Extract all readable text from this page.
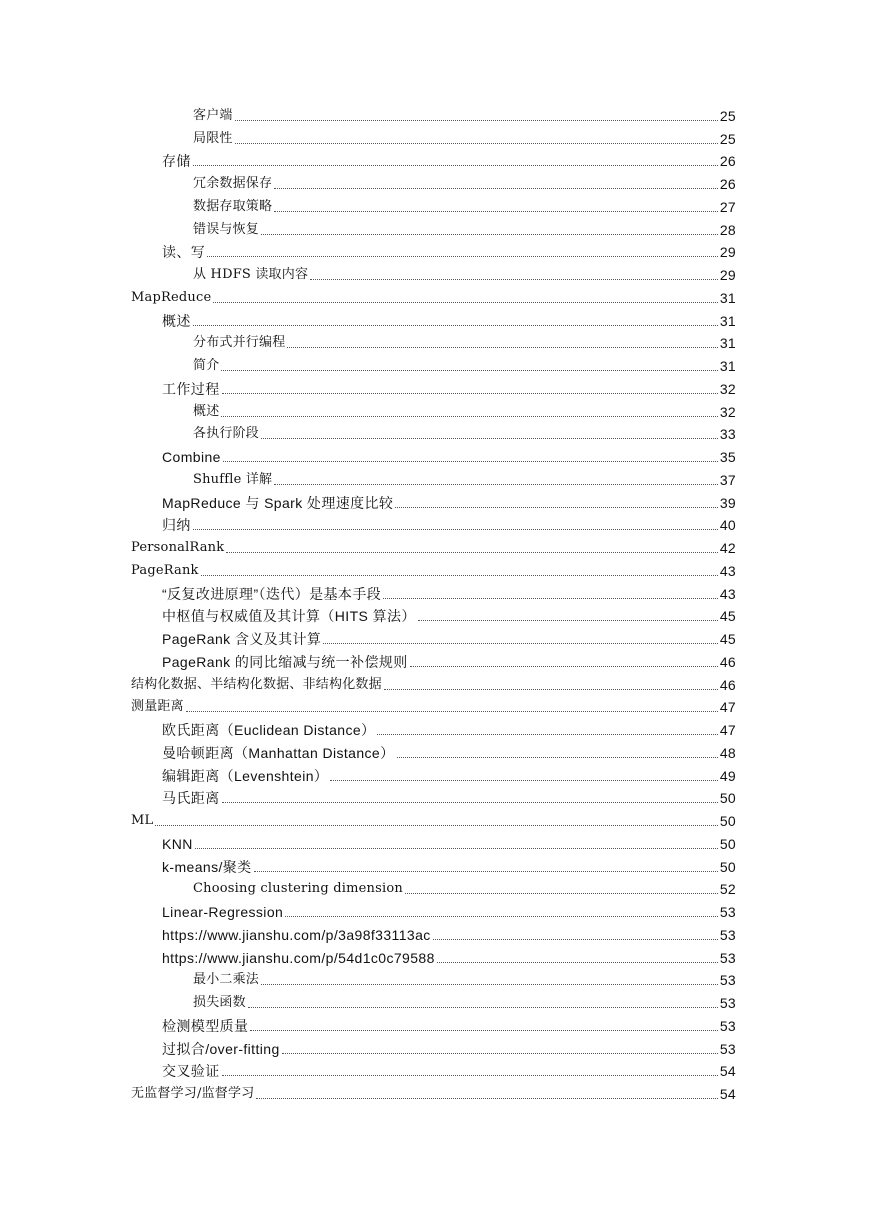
客户端	25
局限性	25
存储	26
冗余数据保存	26
数据存取策略	27
错误与恢复	28
读、写	29
从 HDFS 读取内容	29
MapReduce	31
概述	31
分布式并行编程	31
简介	31
工作过程	32
概述	32
各执行阶段	33
Combine	35
Shuffle 详解	37
MapReduce 与 Spark 处理速度比较	39
归纳	40
PersonalRank	42
PageRank	43
“反复改进原理”（迭代）是基本手段	43
中枢值与权威值及其计算（HITS 算法）	45
PageRank 含义及其计算	45
PageRank 的同比缩减与统一补偿规则	46
结构化数据、半结构化数据、非结构化数据	46
测量距离	47
欧氏距离（Euclidean Distance）	47
曼哈顿距离（Manhattan Distance）	48
编辑距离（Levenshtein）	49
马氏距离	50
ML	50
KNN	50
k-means/聚类	50
Choosing clustering dimension	52
Linear-Regression	53
https://www.jianshu.com/p/3a98f33113ac	53
https://www.jianshu.com/p/54d1c0c79588	53
最小二乘法	53
损失函数	53
检测模型质量	53
过拟合/over-fitting	53
交叉验证	54
无监督学习/监督学习	54
